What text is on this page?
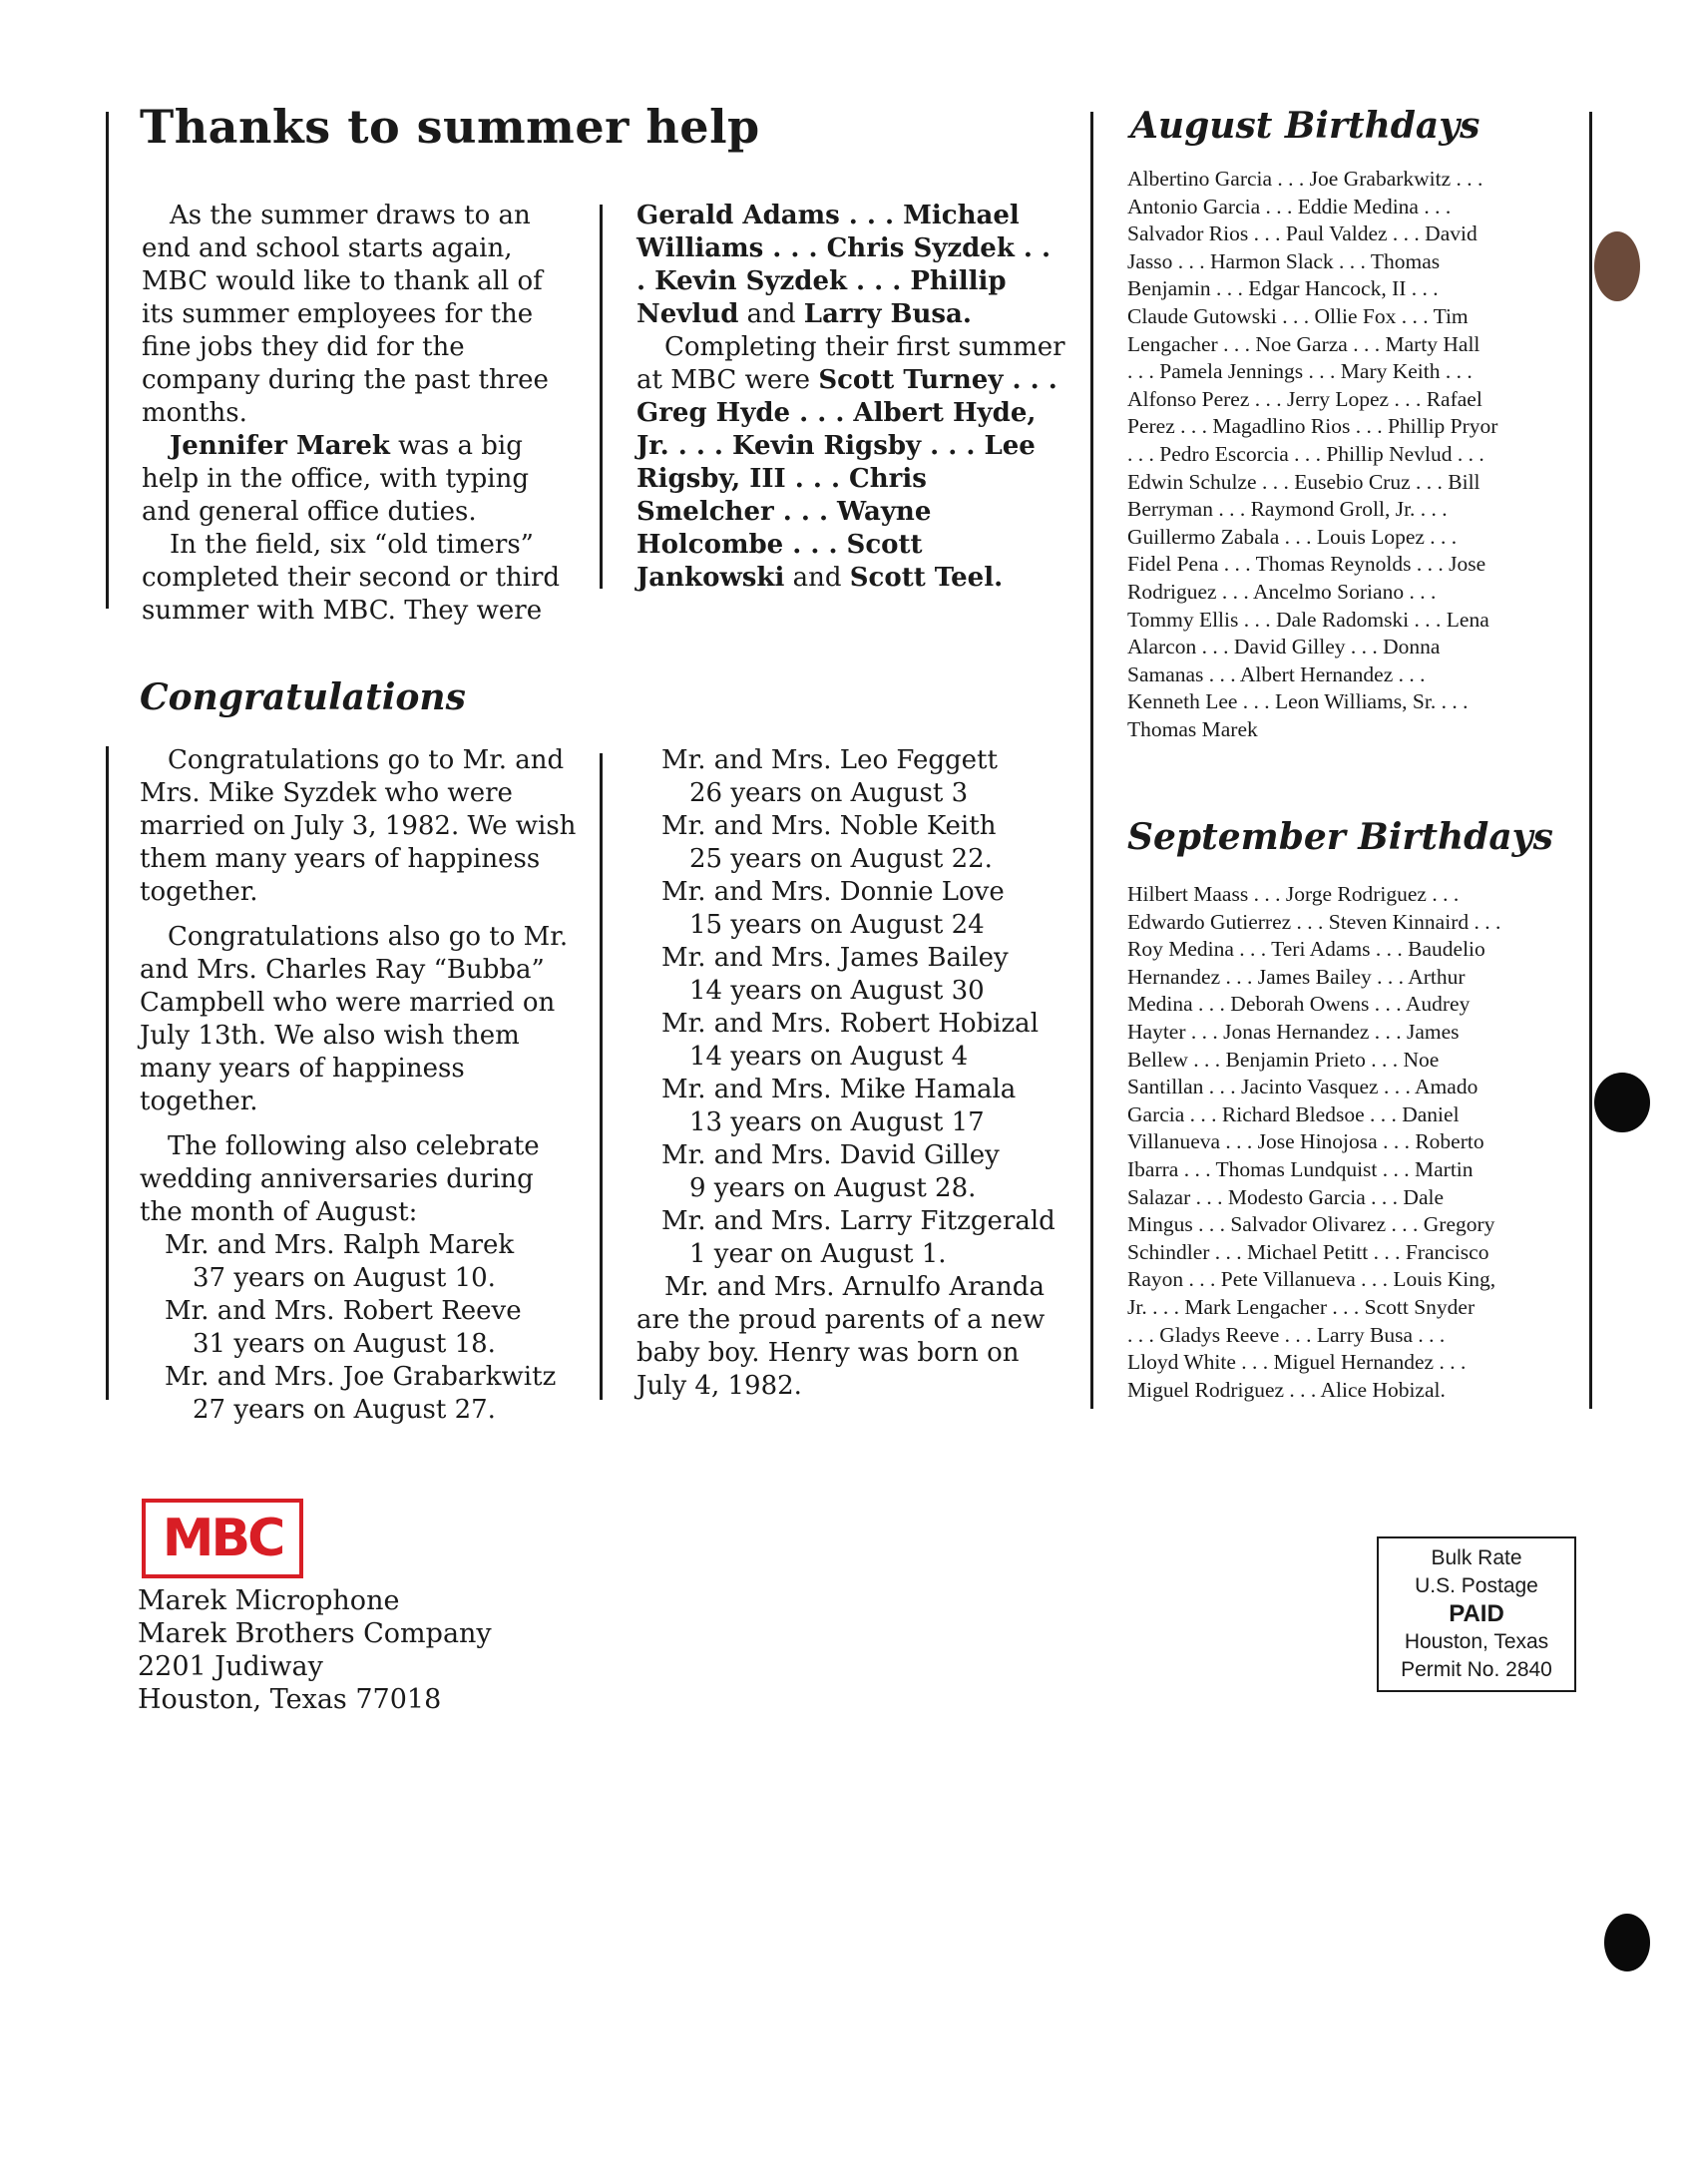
Thanks to summer help

As the summer draws to an end and school starts again, MBC would like to thank all of its summer employees for the fine jobs they did for the company during the past three months.

Jennifer Marek was a big help in the office, with typing and general office duties.

In the field, six “old timers” completed their second or third summer with MBC. They were

Gerald Adams . . . Michael Williams . . . Chris Syzdek . . . Kevin Syzdek . . . Phillip Nevlud and Larry Busa.

Completing their first summer at MBC were Scott Turney . . . Greg Hyde . . . Albert Hyde, Jr. . . . Kevin Rigsby . . . Lee Rigsby, III . . . Chris Smelcher . . . Wayne Holcombe . . . Scott Jankowski and Scott Teel.

Congratulations

Congratulations go to Mr. and Mrs. Mike Syzdek who were married on July 3, 1982. We wish them many years of happiness together.

Congratulations also go to Mr. and Mrs. Charles Ray “Bubba” Campbell who were married on July 13th. We also wish them many years of happiness together.

The following also celebrate wedding anniversaries during the month of August:

Mr. and Mrs. Ralph Marek
37 years on August 10.

Mr. and Mrs. Robert Reeve
31 years on August 18.

Mr. and Mrs. Joe Grabarkwitz
27 years on August 27.

Mr. and Mrs. Leo Feggett
26 years on August 3

Mr. and Mrs. Noble Keith
25 years on August 22.

Mr. and Mrs. Donnie Love
15 years on August 24

Mr. and Mrs. James Bailey
14 years on August 30

Mr. and Mrs. Robert Hobizal
14 years on August 4

Mr. and Mrs. Mike Hamala
13 years on August 17

Mr. and Mrs. David Gilley
9 years on August 28.

Mr. and Mrs. Larry Fitzgerald
1 year on August 1.

Mr. and Mrs. Arnulfo Aranda are the proud parents of a new baby boy. Henry was born on July 4, 1982.

August Birthdays
Albertino Garcia . . . Joe Grabarkwitz . . .
Antonio Garcia . . . Eddie Medina . . .
Salvador Rios . . . Paul Valdez . . . David
Jasso . . . Harmon Slack . . . Thomas
Benjamin . . . Edgar Hancock, II . . .
Claude Gutowski . . . Ollie Fox . . . Tim
Lengacher . . . Noe Garza . . . Marty Hall
. . . Pamela Jennings . . . Mary Keith . . .
Alfonso Perez . . . Jerry Lopez . . . Rafael
Perez . . . Magadlino Rios . . . Phillip Pryor
. . . Pedro Escorcia . . . Phillip Nevlud . . .
Edwin Schulze . . . Eusebio Cruz . . . Bill
Berryman . . . Raymond Groll, Jr. . . .
Guillermo Zabala . . . Louis Lopez . . .
Fidel Pena . . . Thomas Reynolds . . . Jose
Rodriguez . . . Ancelmo Soriano . . .
Tommy Ellis . . . Dale Radomski . . . Lena
Alarcon . . . David Gilley . . . Donna
Samanas . . . Albert Hernandez . . .
Kenneth Lee . . . Leon Williams, Sr. . . .
Thomas Marek
September Birthdays
Hilbert Maass . . . Jorge Rodriguez . . .
Edwardo Gutierrez . . . Steven Kinnaird . . .
Roy Medina . . . Teri Adams . . . Baudelio
Hernandez . . . James Bailey . . . Arthur
Medina . . . Deborah Owens . . . Audrey
Hayter . . . Jonas Hernandez . . . James
Bellew . . . Benjamin Prieto . . . Noe
Santillan . . . Jacinto Vasquez . . . Amado
Garcia . . . Richard Bledsoe . . . Daniel
Villanueva . . . Jose Hinojosa . . . Roberto
Ibarra . . . Thomas Lundquist . . . Martin
Salazar . . . Modesto Garcia . . . Dale
Mingus . . . Salvador Olivarez . . . Gregory
Schindler . . . Michael Petitt . . . Francisco
Rayon . . . Pete Villanueva . . . Louis King,
Jr. . . . Mark Lengacher . . . Scott Snyder
. . . Gladys Reeve . . . Larry Busa . . .
Lloyd White . . . Miguel Hernandez . . .
Miguel Rodriguez . . . Alice Hobizal.
MBC
Marek Microphone
Marek Brothers Company
2201 Judiway
Houston, Texas 77018
Bulk Rate
U.S. Postage
PAID
Houston, Texas
Permit No. 2840
